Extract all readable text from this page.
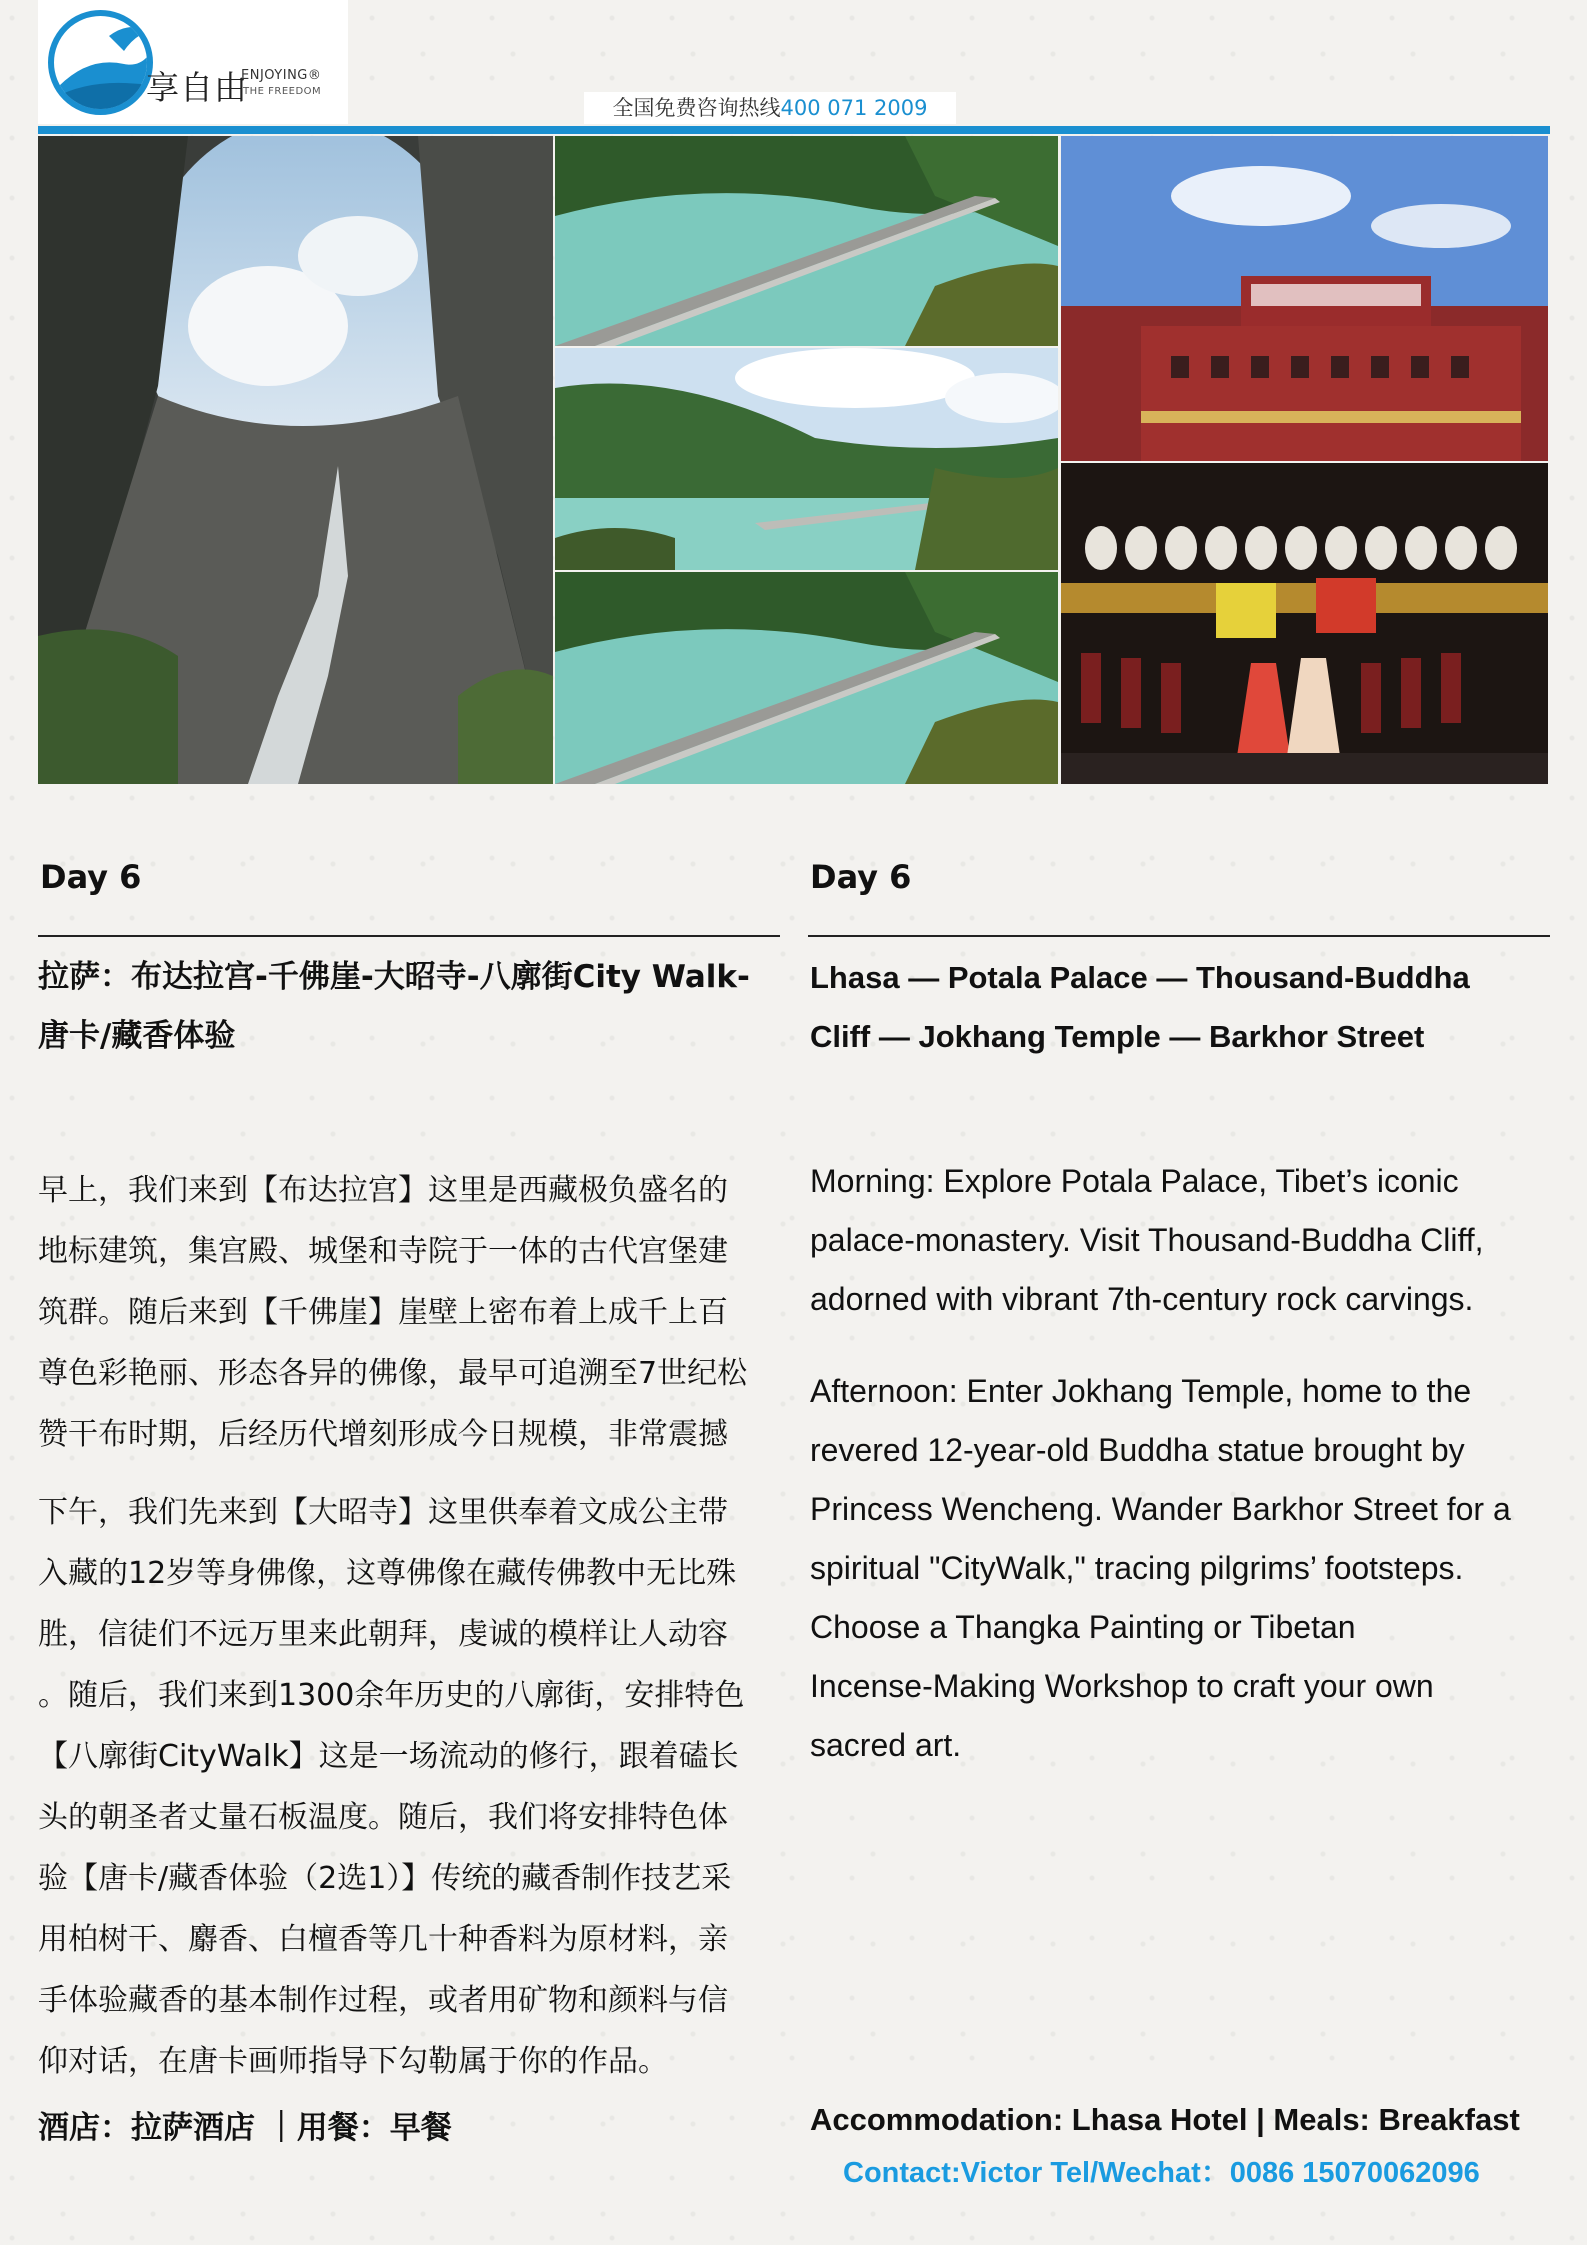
享自由
ENJOYING®
THE FREEDOM
全国免费咨询热线400 071 2009
Day 6
拉萨：布达拉宫-千佛崖-大昭寺-八廓街City Walk-
唐卡/藏香体验
早上，我们来到【布达拉宫】这里是西藏极负盛名的
地标建筑，集宫殿、城堡和寺院于一体的古代宫堡建
筑群。随后来到【千佛崖】崖壁上密布着上成千上百
尊色彩艳丽、形态各异的佛像，最早可追溯至7世纪松
赞干布时期，后经历代增刻形成今日规模，非常震撼
下午，我们先来到【大昭寺】这里供奉着文成公主带
入藏的12岁等身佛像，这尊佛像在藏传佛教中无比殊
胜，信徒们不远万里来此朝拜，虔诚的模样让人动容
。随后，我们来到1300余年历史的八廓街，安排特色
【八廓街CityWalk】这是一场流动的修行，跟着磕长
头的朝圣者丈量石板温度。随后，我们将安排特色体
验【唐卡/藏香体验（2选1）】传统的藏香制作技艺采
用柏树干、麝香、白檀香等几十种香料为原材料，亲
手体验藏香的基本制作过程，或者用矿物和颜料与信
仰对话，在唐卡画师指导下勾勒属于你的作品。
酒店：拉萨酒店 ｜用餐：早餐
Day 6
Lhasa — Potala Palace — Thousand-Buddha
Cliff — Jokhang Temple — Barkhor Street
Morning: Explore Potala Palace, Tibet’s iconic
palace-monastery. Visit Thousand-Buddha Cliff,
adorned with vibrant 7th-century rock carvings.
Afternoon: Enter Jokhang Temple, home to the
revered 12-year-old Buddha statue brought by
Princess Wencheng. Wander Barkhor Street for a
spiritual "CityWalk," tracing pilgrims’ footsteps.
Choose a Thangka Painting or Tibetan
Incense-Making Workshop to craft your own
sacred art.
Accommodation: Lhasa Hotel | Meals: Breakfast
Contact:Victor Tel/Wechat：0086 15070062096
